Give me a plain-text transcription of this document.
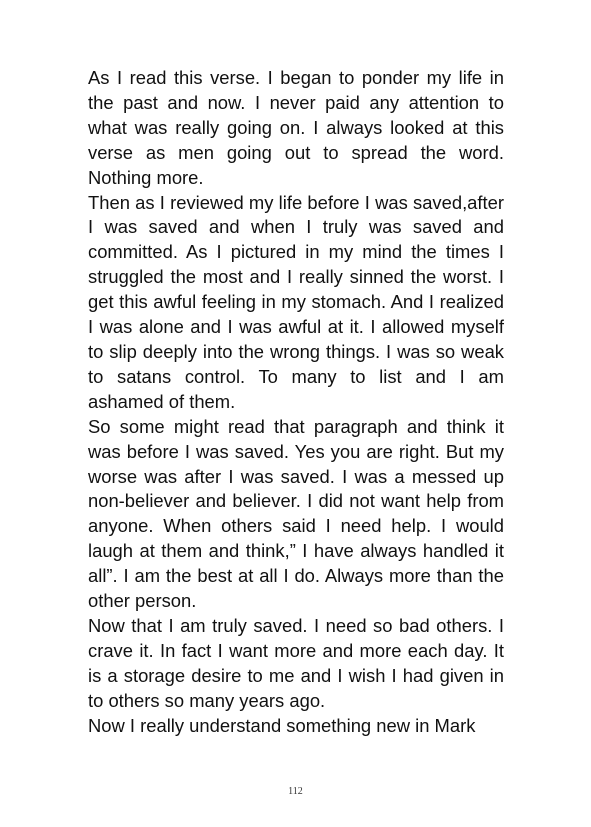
As I read this verse. I began to ponder my life in the past and now. I never paid any attention to what was really going on. I always looked at this verse as men going out to spread the word. Nothing more.

Then as I reviewed my life before I was saved,after I was saved and when I truly was saved and committed. As I pictured in my mind the times I struggled the most and I really sinned the worst. I get this awful feeling in my stomach. And I realized I was alone and I was awful at it. I allowed myself to slip deeply into the wrong things. I was so weak to satans control. To many to list and I am ashamed of them.

So some might read that paragraph and think it was before I was saved. Yes you are right. But my worse was after I was saved. I was a messed up non-believer and believer. I did not want help from anyone. When others said I need help. I would laugh at them and think,” I have always handled it all”. I am the best at all I do. Always more than the other person.

Now that I am truly saved. I need so bad others. I crave it. In fact I want more and more each day. It is a storage desire to me and I wish I had given in to others so many years ago.

Now I really understand something new in Mark

112
